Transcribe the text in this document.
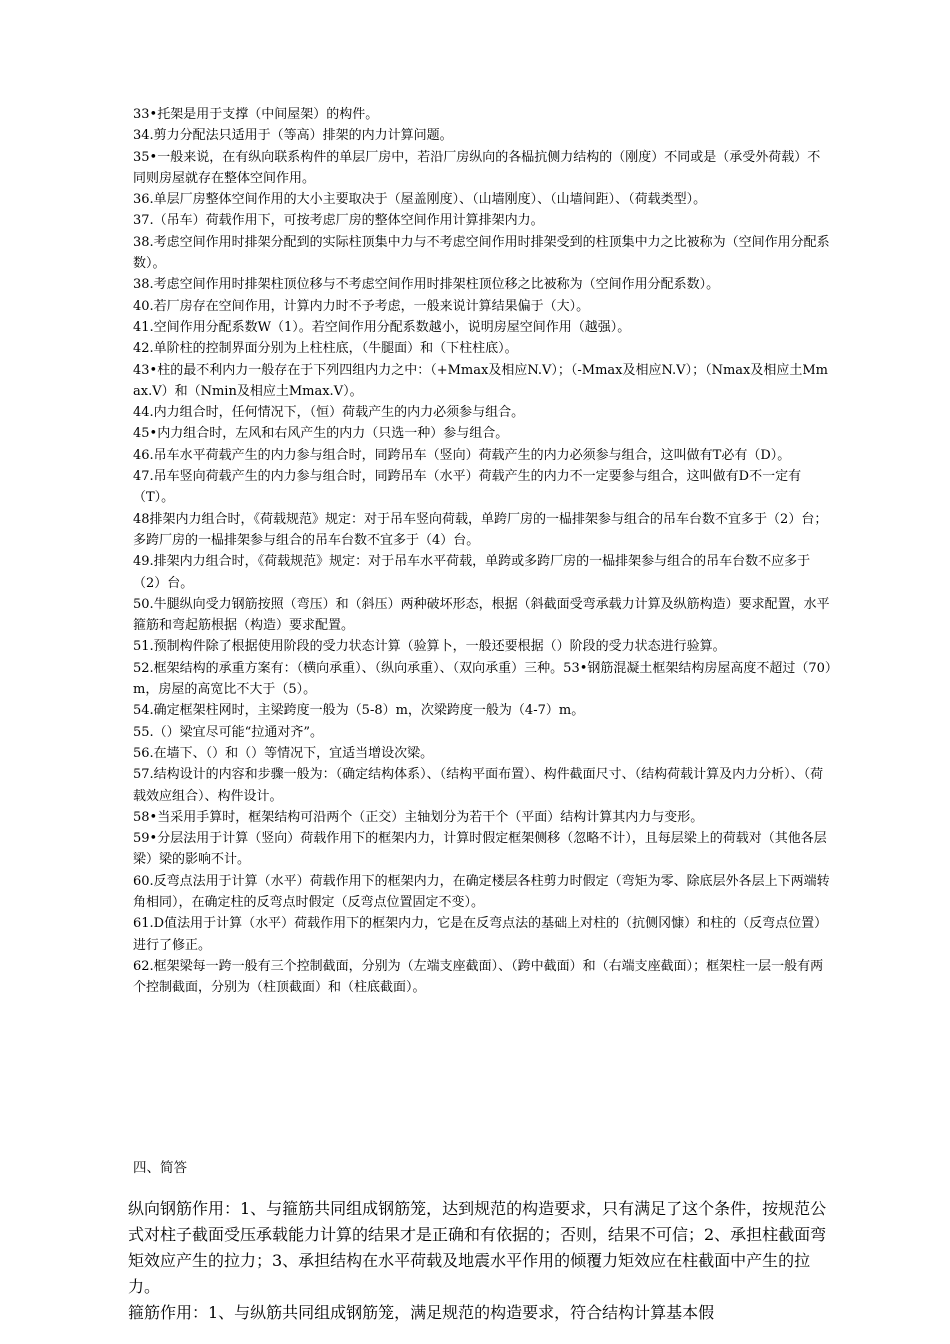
33•托架是用于支撑（中间屋架）的构件。

34.剪力分配法只适用于（等高）排架的内力计算问题。

35•一般来说，在有纵向联系构件的单层厂房中，若沿厂房纵向的各榀抗侧力结构的（刚度）不同或是（承受外荷载）不同则房屋就存在整体空间作用。

36.单层厂房整体空间作用的大小主要取决于（屋盖刚度）、（山墙刚度）、（山墙间距）、（荷载类型）。

37.（吊车）荷载作用下，可按考虑厂房的整体空间作用计算排架内力。

38.考虑空间作用时排架分配到的实际柱顶集中力与不考虑空间作用时排架受到的柱顶集中力之比被称为（空间作用分配系数）。

38.考虑空间作用时排架柱顶位移与不考虑空间作用时排架柱顶位移之比被称为（空间作用分配系数）。

40.若厂房存在空间作用，计算内力时不予考虑，一般来说计算结果偏于（大）。

41.空间作用分配系数W（1）。若空间作用分配系数越小，说明房屋空间作用（越强）。

42.单阶柱的控制界面分别为上柱柱底，（牛腿面）和（下柱柱底）。

43•柱的最不利内力一般存在于下列四组内力之中：（+Mmax及相应N.V）；（-Mmax及相应N.V）；（Nmax及相应土Mmax.V）和（Nmin及相应土Mmax.V）。

44.内力组合时，任何情况下，（恒）荷载产生的内力必须参与组合。

45•内力组合时，左风和右风产生的内力（只选一种）参与组合。

46.吊车水平荷载产生的内力参与组合时，同跨吊车（竖向）荷载产生的内力必须参与组合，这叫做有T必有（D）。

47.吊车竖向荷载产生的内力参与组合时，同跨吊车（水平）荷载产生的内力不一定要参与组合，这叫做有D不一定有（T）。

48排架内力组合时，《荷载规范》规定：对于吊车竖向荷载，单跨厂房的一榀排架参与组合的吊车台数不宜多于（2）台；多跨厂房的一榀排架参与组合的吊车台数不宜多于（4）台。

49.排架内力组合时，《荷载规范》规定：对于吊车水平荷载，单跨或多跨厂房的一榀排架参与组合的吊车台数不应多于（2）台。

50.牛腿纵向受力钢筋按照（弯压）和（斜压）两种破坏形态，根据（斜截面受弯承载力计算及纵筋构造）要求配置，水平箍筋和弯起筋根据（构造）要求配置。

51.预制构件除了根据使用阶段的受力状态计算（验算卜，一般还要根据（）阶段的受力状态进行验算。

52.框架结构的承重方案有：（横向承重）、（纵向承重）、（双向承重）三种。53•钢筋混凝土框架结构房屋高度不超过（70）m，房屋的高宽比不大于（5）。

54.确定框架柱网时，主梁跨度一般为（5-8）m，次梁跨度一般为（4-7）m。

55.（）梁宜尽可能“拉通对齐”。

56.在墙下、（）和（）等情况下，宜适当增设次梁。

57.结构设计的内容和步骤一般为：（确定结构体系）、（结构平面布置）、构件截面尺寸、（结构荷载计算及内力分析）、（荷载效应组合）、构件设计。

58•当采用手算时，框架结构可沿两个（正交）主轴划分为若干个（平面）结构计算其内力与变形。

59•分层法用于计算（竖向）荷载作用下的框架内力，计算时假定框架侧移（忽略不计），且每层梁上的荷载对（其他各层梁）梁的影响不计。

60.反弯点法用于计算（水平）荷载作用下的框架内力，在确定楼层各柱剪力时假定（弯矩为零、除底层外各层上下两端转角相同），在确定柱的反弯点时假定（反弯点位置固定不变）。

61.D值法用于计算（水平）荷载作用下的框架内力，它是在反弯点法的基础上对柱的（抗侧冈慷）和柱的（反弯点位置）进行了修正。

62.框架梁每一跨一般有三个控制截面，分别为（左端支座截面）、（跨中截面）和（右端支座截面）；框架柱一层一般有两个控制截面，分别为（柱顶截面）和（柱底截面）。

四、简答

纵向钢筋作用：1、与箍筋共同组成钢筋笼，达到规范的构造要求，只有满足了这个条件，按规范公式对柱子截面受压承载能力计算的结果才是正确和有依据的；否则，结果不可信；2、承担柱截面弯矩效应产生的拉力；3、承担结构在水平荷载及地震水平作用的倾覆力矩效应在柱截面中产生的拉力。

箍筋作用：1、与纵筋共同组成钢筋笼，满足规范的构造要求，符合结构计算基本假
